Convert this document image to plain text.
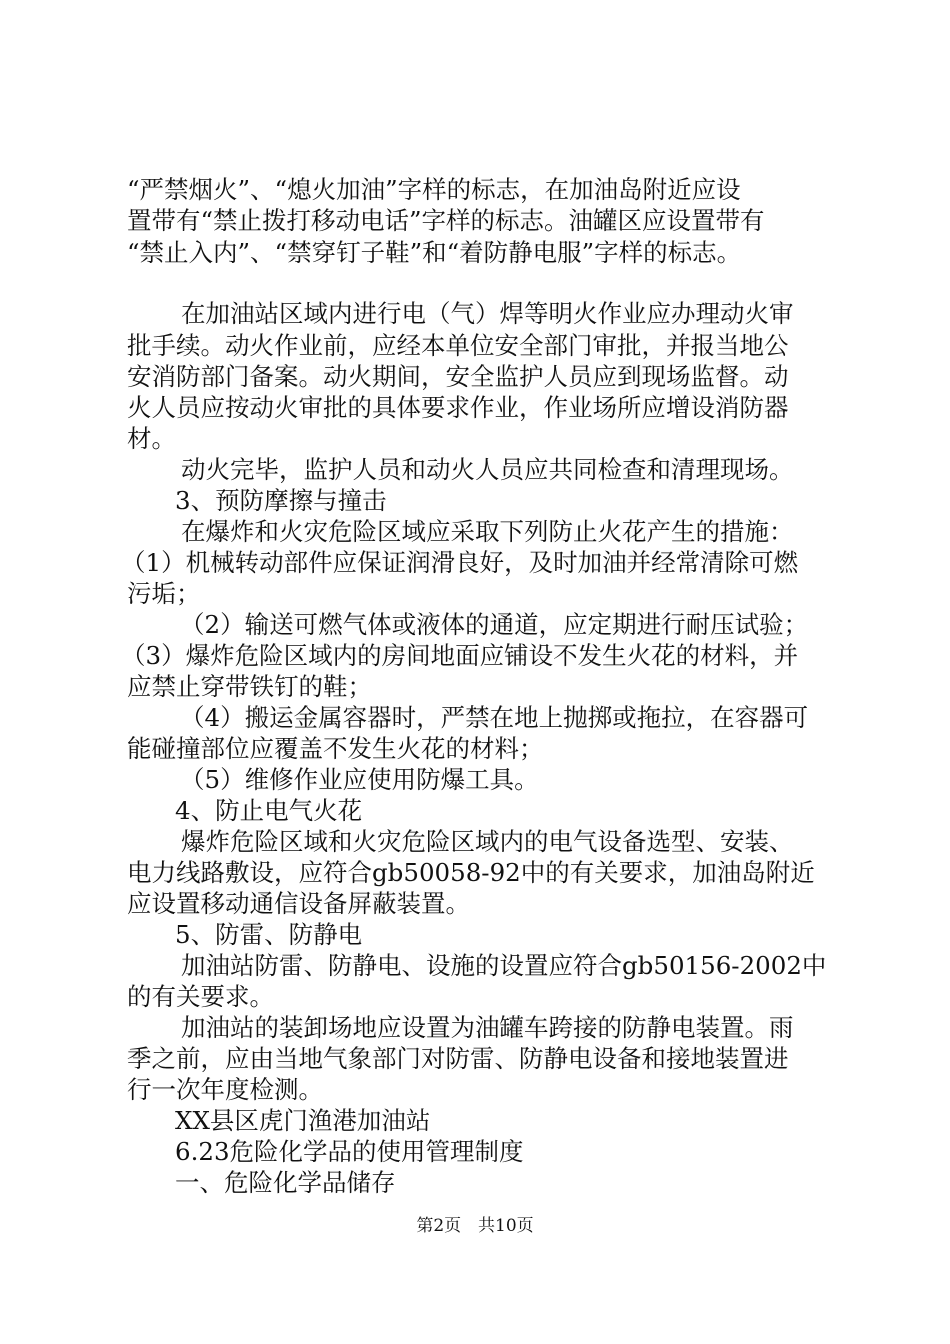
“严禁烟火”、“熄火加油”字样的标志，在加油岛附近应设

置带有“禁止拨打移动电话”字样的标志。油罐区应设置带有

“禁止入内”、“禁穿钉子鞋”和“着防静电服”字样的标志。

在加油站区域内进行电（气）焊等明火作业应办理动火审

批手续。动火作业前，应经本单位安全部门审批，并报当地公

安消防部门备案。动火期间，安全监护人员应到现场监督。动

火人员应按动火审批的具体要求作业，作业场所应增设消防器

材。

动火完毕，监护人员和动火人员应共同检查和清理现场。

3、预防摩擦与撞击

在爆炸和火灾危险区域应采取下列防止火花产生的措施：

（1）机械转动部件应保证润滑良好，及时加油并经常清除可燃

污垢；

（2）输送可燃气体或液体的通道，应定期进行耐压试验；

（3）爆炸危险区域内的房间地面应铺设不发生火花的材料，并

应禁止穿带铁钉的鞋；

（4）搬运金属容器时，严禁在地上抛掷或拖拉，在容器可

能碰撞部位应覆盖不发生火花的材料；

（5）维修作业应使用防爆工具。

4、防止电气火花

爆炸危险区域和火灾危险区域内的电气设备选型、安装、

电力线路敷设，应符合gb50058-92中的有关要求，加油岛附近

应设置移动通信设备屏蔽装置。

5、防雷、防静电

加油站防雷、防静电、设施的设置应符合gb50156-2002中

的有关要求。

加油站的装卸场地应设置为油罐车跨接的防静电装置。雨

季之前，应由当地气象部门对防雷、防静电设备和接地装置进

行一次年度检测。

XX县区虎门渔港加油站

6.23危险化学品的使用管理制度

一、危险化学品储存

第2页 共10页
